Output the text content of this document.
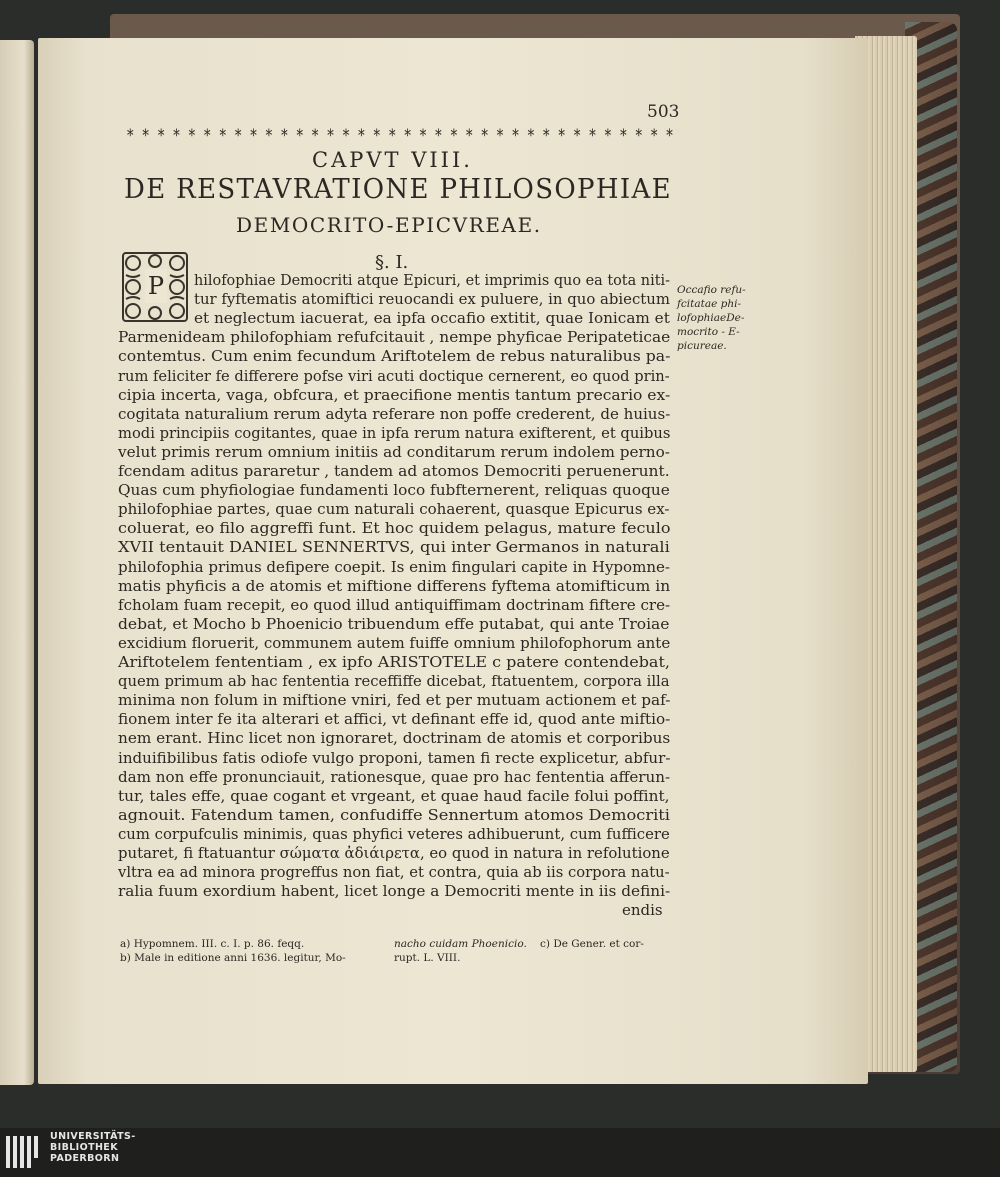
503
* * * * * * * * * * * * * * * * * * * * * * * * * * * * * * * * * * * *
CAPVT VIII.
DE RESTAVRATIONE PHILOSOPHIAE
DEMOCRITO-EPICVREAE.
§. I.
P hilofophiae Democriti atque Epicuri, et imprimis quo ea tota niti-
tur fyftematis atomiftici reuocandi ex puluere, in quo abiectum
et neglectum iacuerat, ea ipfa occafio extitit, quae Ionicam et
Parmenideam philofophiam refufcitauit , nempe phyficae Peripateticae
contemtus. Cum enim fecundum Ariftotelem de rebus naturalibus pa-
rum feliciter fe differere pofse viri acuti doctique cernerent, eo quod prin-
cipia incerta, vaga, obfcura, et praecifione mentis tantum precario ex-
cogitata naturalium rerum adyta referare non poffe crederent, de huius-
modi principiis cogitantes, quae in ipfa rerum natura exifterent, et quibus
velut primis rerum omnium initiis ad conditarum rerum indolem perno-
fcendam aditus pararetur , tandem ad atomos Democriti peruenerunt.
Quas cum phyfiologiae fundamenti loco fubfternerent, reliquas quoque
philofophiae partes, quae cum naturali cohaerent, quasque Epicurus ex-
coluerat, eo filo aggreffi funt. Et hoc quidem pelagus, mature feculo
XVII tentauit DANIEL SENNERTVS, qui inter Germanos in naturali
philofophia primus defipere coepit. Is enim fingulari capite in Hypomne-
matis phyficis a de atomis et miftione differens fyftema atomifticum in
fcholam fuam recepit, eo quod illud antiquiffimam doctrinam fiftere cre-
debat, et Mocho b Phoenicio tribuendum effe putabat, qui ante Troiae
excidium floruerit, communem autem fuiffe omnium philofophorum ante
Ariftotelem fententiam , ex ipfo ARISTOTELE c patere contendebat,
quem primum ab hac fententia receffiffe dicebat, ftatuentem, corpora illa
minima non folum in miftione vniri, fed et per mutuam actionem et paf-
fionem inter fe ita alterari et affici, vt definant effe id, quod ante miftio-
nem erant. Hinc licet non ignoraret, doctrinam de atomis et corporibus
induifibilibus fatis odiofe vulgo proponi, tamen fi recte explicetur, abfur-
dam non effe pronunciauit, rationesque, quae pro hac fententia afferun-
tur, tales effe, quae cogant et vrgeant, et quae haud facile folui poffint,
agnouit. Fatendum tamen, confudiffe Sennertum atomos Democriti
cum corpufculis minimis, quas phyfici veteres adhibuerunt, cum fufficere
putaret, fi ftatuantur σώματα ἀδιάιρετα, eo quod in natura in refolutione
vltra ea ad minora progreffus non fiat, et contra, quia ab iis corpora natu-
ralia fuum exordium habent, licet longe a Democriti mente in iis defini-
endis
Occafio refu-
fcitatae phi-
lofophiaeDe-
mocrito - E-
picureae.
a) Hypomnem. III. c. I. p. 86. feqq.
b) Male in editione anni 1636. legitur, Mo-
nacho cuidam Phoenicio.
rupt. L. VIII.
c) De Gener. et cor-
UNIVERSITÄTS-
BIBLIOTHEK
PADERBORN
